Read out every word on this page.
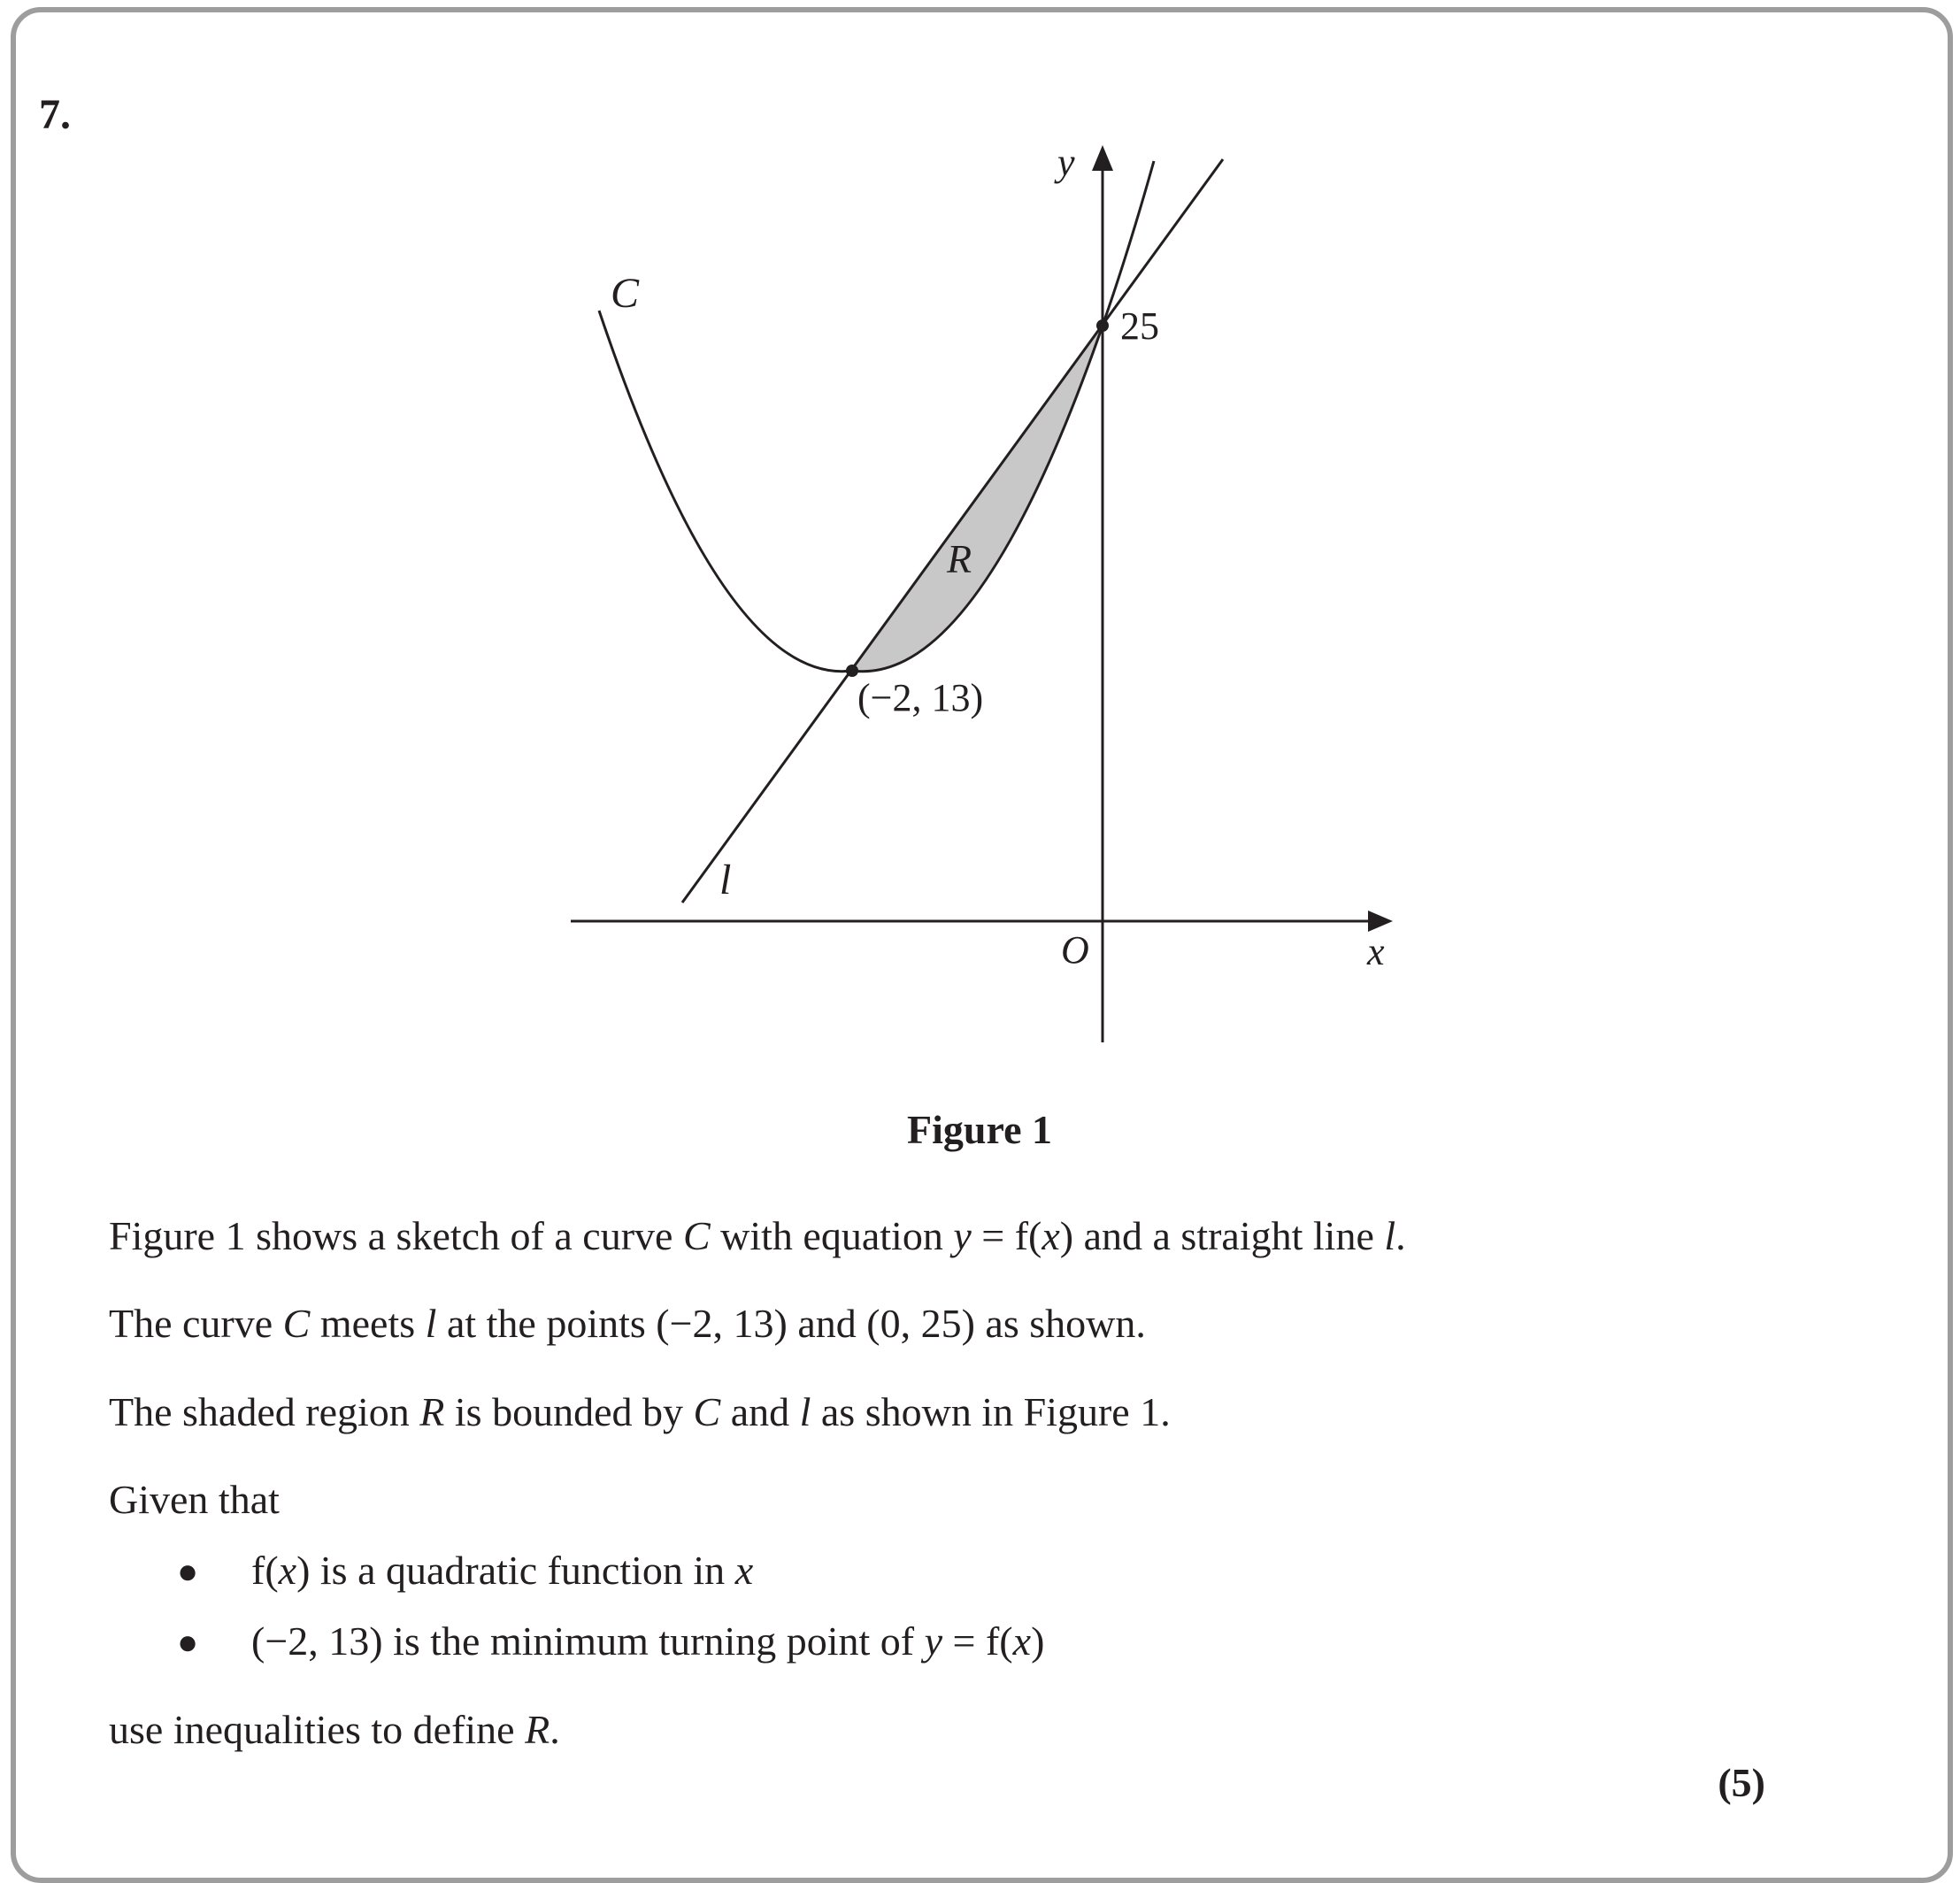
7.
y
x
O
C
l
R
25
(−2, 13)
Figure 1
Figure 1 shows a sketch of a curve C with equation y = f(x) and a straight line l.
The curve C meets l at the points (−2, 13) and (0, 25) as shown.
The shaded region R is bounded by C and l as shown in Figure 1.
Given that
● f(x) is a quadratic function in x
● (−2, 13) is the minimum turning point of y = f(x)
use inequalities to define R.
(5)
